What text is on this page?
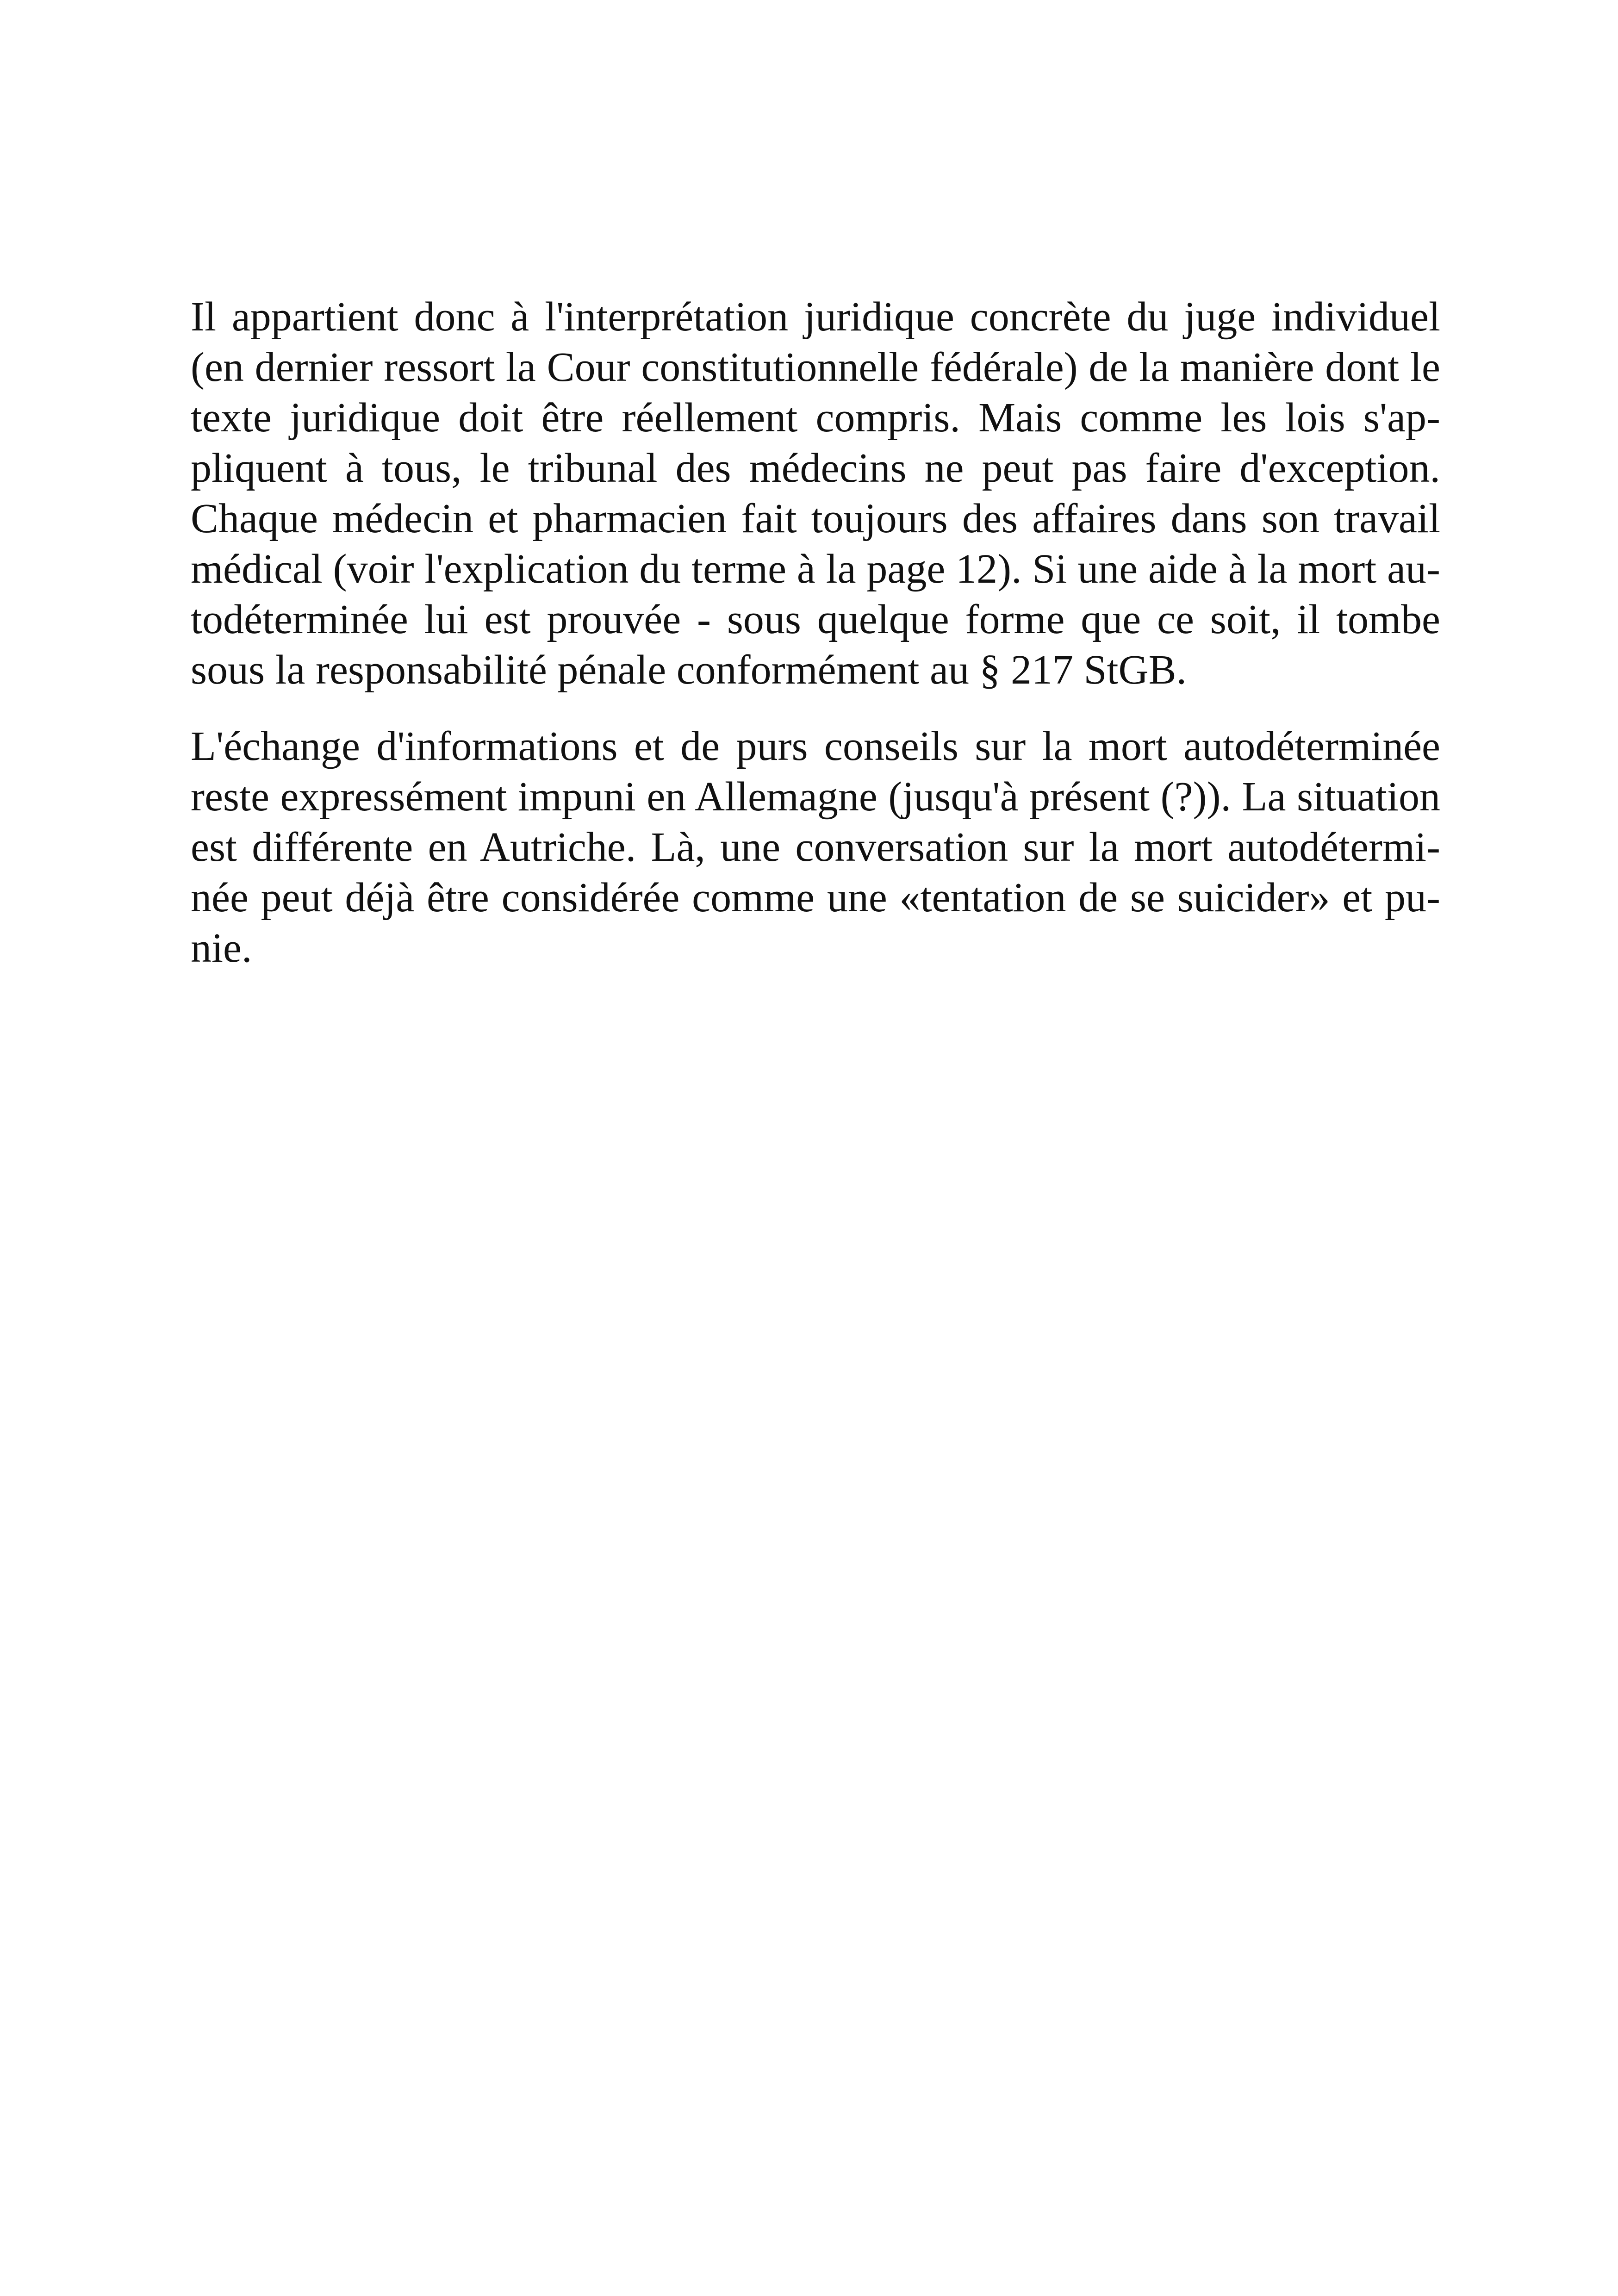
Il appartient donc à l'interprétation juridique concrète du juge individuel
(en dernier ressort la Cour constitutionnelle fédérale) de la manière dont le
texte juridique doit être réellement compris. Mais comme les lois s'ap-
pliquent à tous, le tribunal des médecins ne peut pas faire d'exception.
Chaque médecin et pharmacien fait toujours des affaires dans son travail
médical (voir l'explication du terme à la page 12). Si une aide à la mort au-
todéterminée lui est prouvée - sous quelque forme que ce soit, il tombe
sous la responsabilité pénale conformément au § 217 StGB.
L'échange d'informations et de purs conseils sur la mort autodéterminée
reste expressément impuni en Allemagne (jusqu'à présent (?)). La situation
est différente en Autriche. Là, une conversation sur la mort autodétermi-
née peut déjà être considérée comme une «tentation de se suicider» et pu-
nie.
